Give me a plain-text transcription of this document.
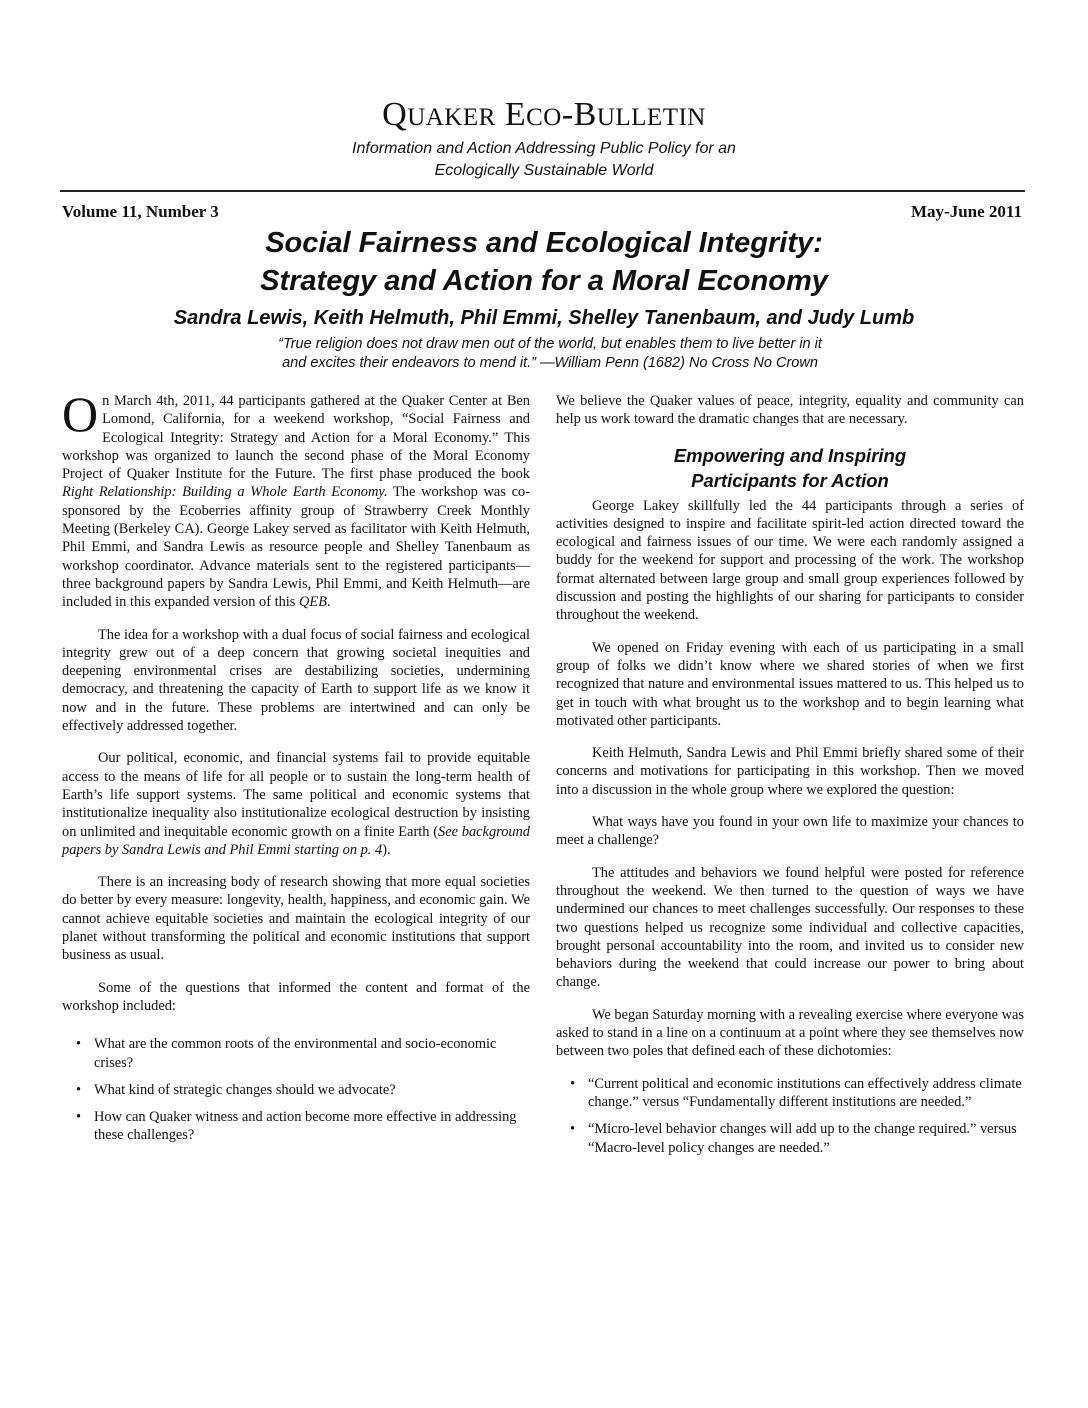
QUAKER ECO-BULLETIN
Information and Action Addressing Public Policy for an
Ecologically Sustainable World
Volume 11, Number 3	May-June 2011
Social Fairness and Ecological Integrity:
Strategy and Action for a Moral Economy
Sandra Lewis, Keith Helmuth, Phil Emmi, Shelley Tanenbaum, and Judy Lumb
“True religion does not draw men out of the world, but enables them to live better in it
and excites their endeavors to mend it.” —William Penn (1682) No Cross No Crown

On March 4th, 2011, 44 participants gathered at the Quaker Center at Ben Lomond, California, for a weekend workshop, “Social Fairness and Ecological Integrity: Strategy and Action for a Moral Economy.” This workshop was organized to launch the second phase of the Moral Economy Project of Quaker Institute for the Future. The first phase produced the book Right Relationship: Building a Whole Earth Economy. The workshop was co-sponsored by the Ecoberries affinity group of Strawberry Creek Monthly Meeting (Berkeley CA). George Lakey served as facilitator with Keith Helmuth, Phil Emmi, and Sandra Lewis as resource people and Shelley Tanenbaum as workshop coordinator. Advance materials sent to the registered participants—three background papers by Sandra Lewis, Phil Emmi, and Keith Helmuth—are included in this expanded version of this QEB.

The idea for a workshop with a dual focus of social fairness and ecological integrity grew out of a deep concern that growing societal inequities and deepening environmental crises are destabilizing societies, undermining democracy, and threatening the capacity of Earth to support life as we know it now and in the future. These problems are intertwined and can only be effectively addressed together.

Our political, economic, and financial systems fail to provide equitable access to the means of life for all people or to sustain the long-term health of Earth’s life support systems. The same political and economic systems that institutionalize inequality also institutionalize ecological destruction by insisting on unlimited and inequitable economic growth on a finite Earth (See background papers by Sandra Lewis and Phil Emmi starting on p. 4).

There is an increasing body of research showing that more equal societies do better by every measure: longevity, health, happiness, and economic gain. We cannot achieve equitable societies and maintain the ecological integrity of our planet without transforming the political and economic institutions that support business as usual.

Some of the questions that informed the content and format of the workshop included:

• What are the common roots of the environmental and socio-economic crises?
• What kind of strategic changes should we advocate?
• How can Quaker witness and action become more effective in addressing these challenges?

We believe the Quaker values of peace, integrity, equality and community can help us work toward the dramatic changes that are necessary.

Empowering and Inspiring
Participants for Action

George Lakey skillfully led the 44 participants through a series of activities designed to inspire and facilitate spirit-led action directed toward the ecological and fairness issues of our time. We were each randomly assigned a buddy for the weekend for support and processing of the work. The workshop format alternated between large group and small group experiences followed by discussion and posting the highlights of our sharing for participants to consider throughout the weekend.

We opened on Friday evening with each of us participating in a small group of folks we didn’t know where we shared stories of when we first recognized that nature and environmental issues mattered to us. This helped us to get in touch with what brought us to the workshop and to begin learning what motivated other participants.

Keith Helmuth, Sandra Lewis and Phil Emmi briefly shared some of their concerns and motivations for participating in this workshop. Then we moved into a discussion in the whole group where we explored the question:

What ways have you found in your own life to maximize your chances to meet a challenge?

The attitudes and behaviors we found helpful were posted for reference throughout the weekend. We then turned to the question of ways we have undermined our chances to meet challenges successfully. Our responses to these two questions helped us recognize some individual and collective capacities, brought personal accountability into the room, and invited us to consider new behaviors during the weekend that could increase our power to bring about change.

We began Saturday morning with a revealing exercise where everyone was asked to stand in a line on a continuum at a point where they see themselves now between two poles that defined each of these dichotomies:

• “Current political and economic institutions can effectively address climate change.” versus “Fundamentally different institutions are needed.”
• “Micro-level behavior changes will add up to the change required.” versus “Macro-level policy changes are needed.”
